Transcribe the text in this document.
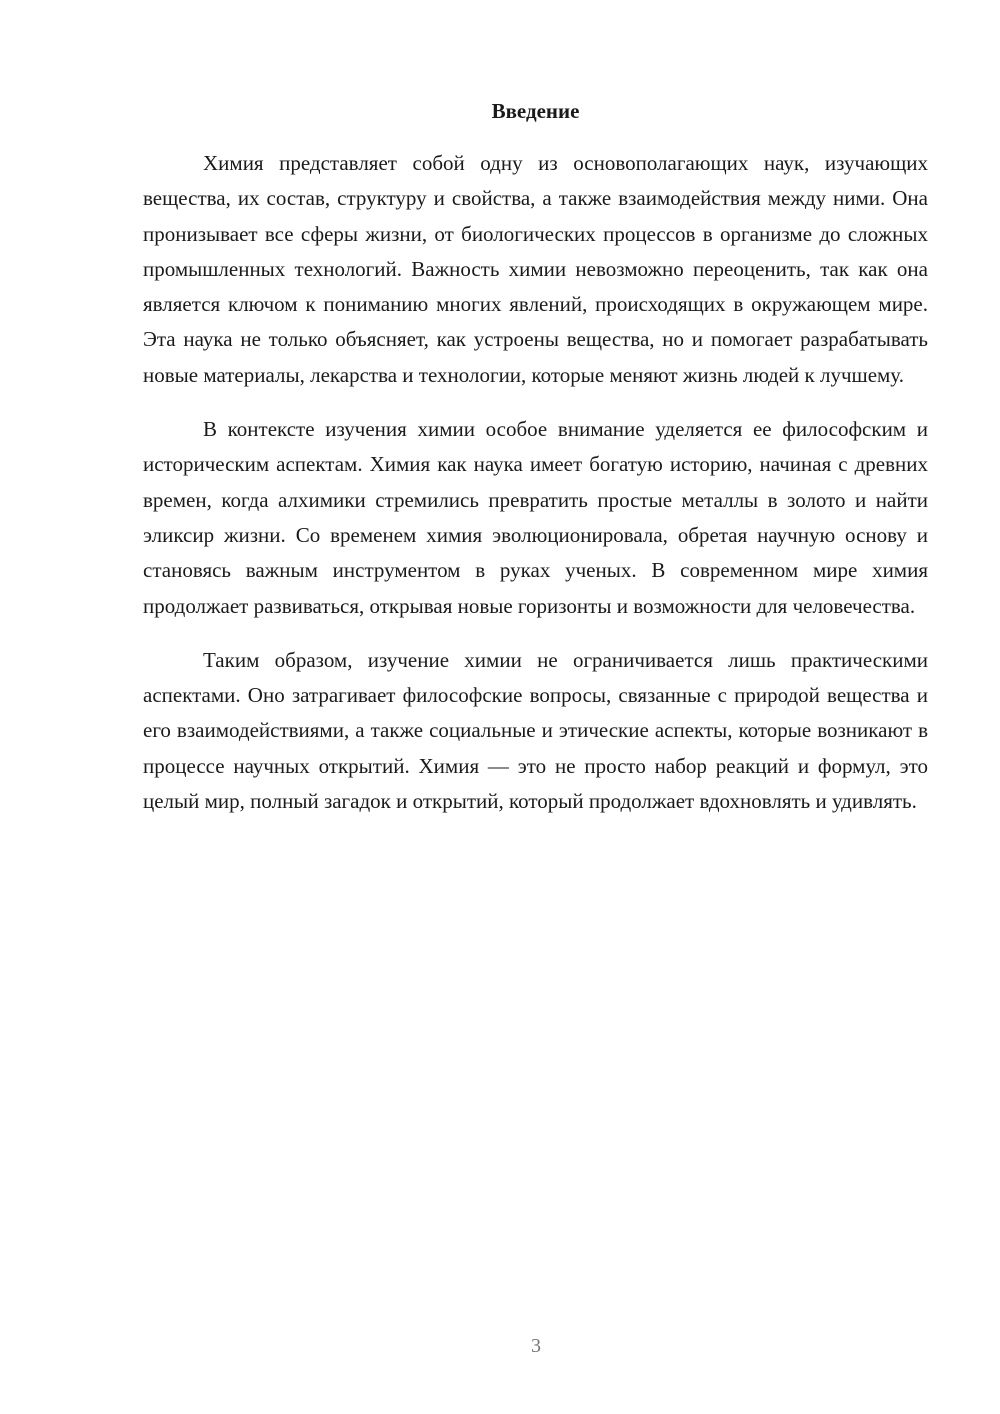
Введение

Химия представляет собой одну из основополагающих наук, изучающих вещества, их состав, структуру и свойства, а также взаимодействия между ними. Она пронизывает все сферы жизни, от биологических процессов в организме до сложных промышленных технологий. Важность химии невозможно переоценить, так как она является ключом к пониманию многих явлений, происходящих в окружающем мире. Эта наука не только объясняет, как устроены вещества, но и помогает разрабатывать новые материалы, лекарства и технологии, которые меняют жизнь людей к лучшему.

В контексте изучения химии особое внимание уделяется ее философским и историческим аспектам. Химия как наука имеет богатую историю, начиная с древних времен, когда алхимики стремились превратить простые металлы в золото и найти эликсир жизни. Со временем химия эволюционировала, обретая научную основу и становясь важным инструментом в руках ученых. В современном мире химия продолжает развиваться, открывая новые горизонты и возможности для человечества.

Таким образом, изучение химии не ограничивается лишь практическими аспектами. Оно затрагивает философские вопросы, связанные с природой вещества и его взаимодействиями, а также социальные и этические аспекты, которые возникают в процессе научных открытий. Химия — это не просто набор реакций и формул, это целый мир, полный загадок и открытий, который продолжает вдохновлять и удивлять.

3
